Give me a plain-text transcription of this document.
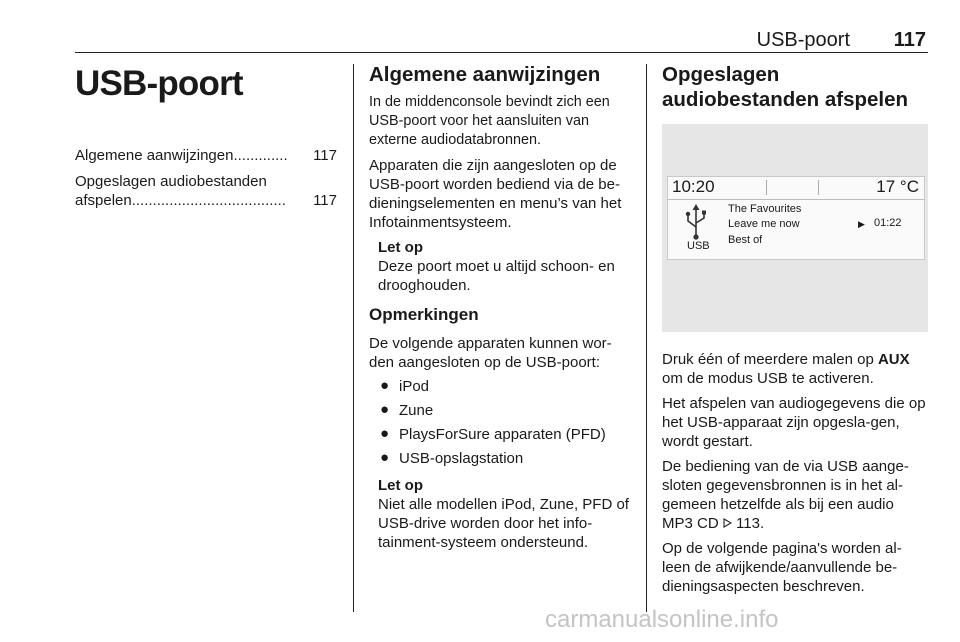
USB-poort 117
USB-poort
Algemene aanwijzingen .............	117

Opgeslagen audiobestanden

afspelen .....................................	117
Algemene aanwijzingen

In de middenconsole bevindt zich een USB-poort voor het aansluiten van externe audiodatabronnen.

Apparaten die zijn aangesloten op de USB-poort worden bediend via de be-dieningselementen en menu’s van het Infotainmentsysteem.

Let op

Deze poort moet u altijd schoon- en drooghouden.

Opmerkingen

De volgende apparaten kunnen wor-den aangesloten op de USB-poort:

● iPod
● Zune
● PlaysForSure apparaten (PFD)
● USB-opslagstation
Let op

Niet alle modellen iPod, Zune, PFD of USB-drive worden door het info-tainment-systeem ondersteund.

Opgeslagen audiobestanden afspelen
10:20	17 °C
USB
The Favourites
Leave me now
Best of
▶ 01:22

Druk één of meerdere malen op AUX om de modus USB te activeren.

Het afspelen van audiogegevens die op het USB-apparaat zijn opgesla-gen, wordt gestart.

De bediening van de via USB aange-sloten gegevensbronnen is in het al-gemeen hetzelfde als bij een audio MP3 CD 113.

Op de volgende pagina's worden al-leen de afwijkende/aanvullende be-dieningsaspecten beschreven.

carmanualsonline.info
